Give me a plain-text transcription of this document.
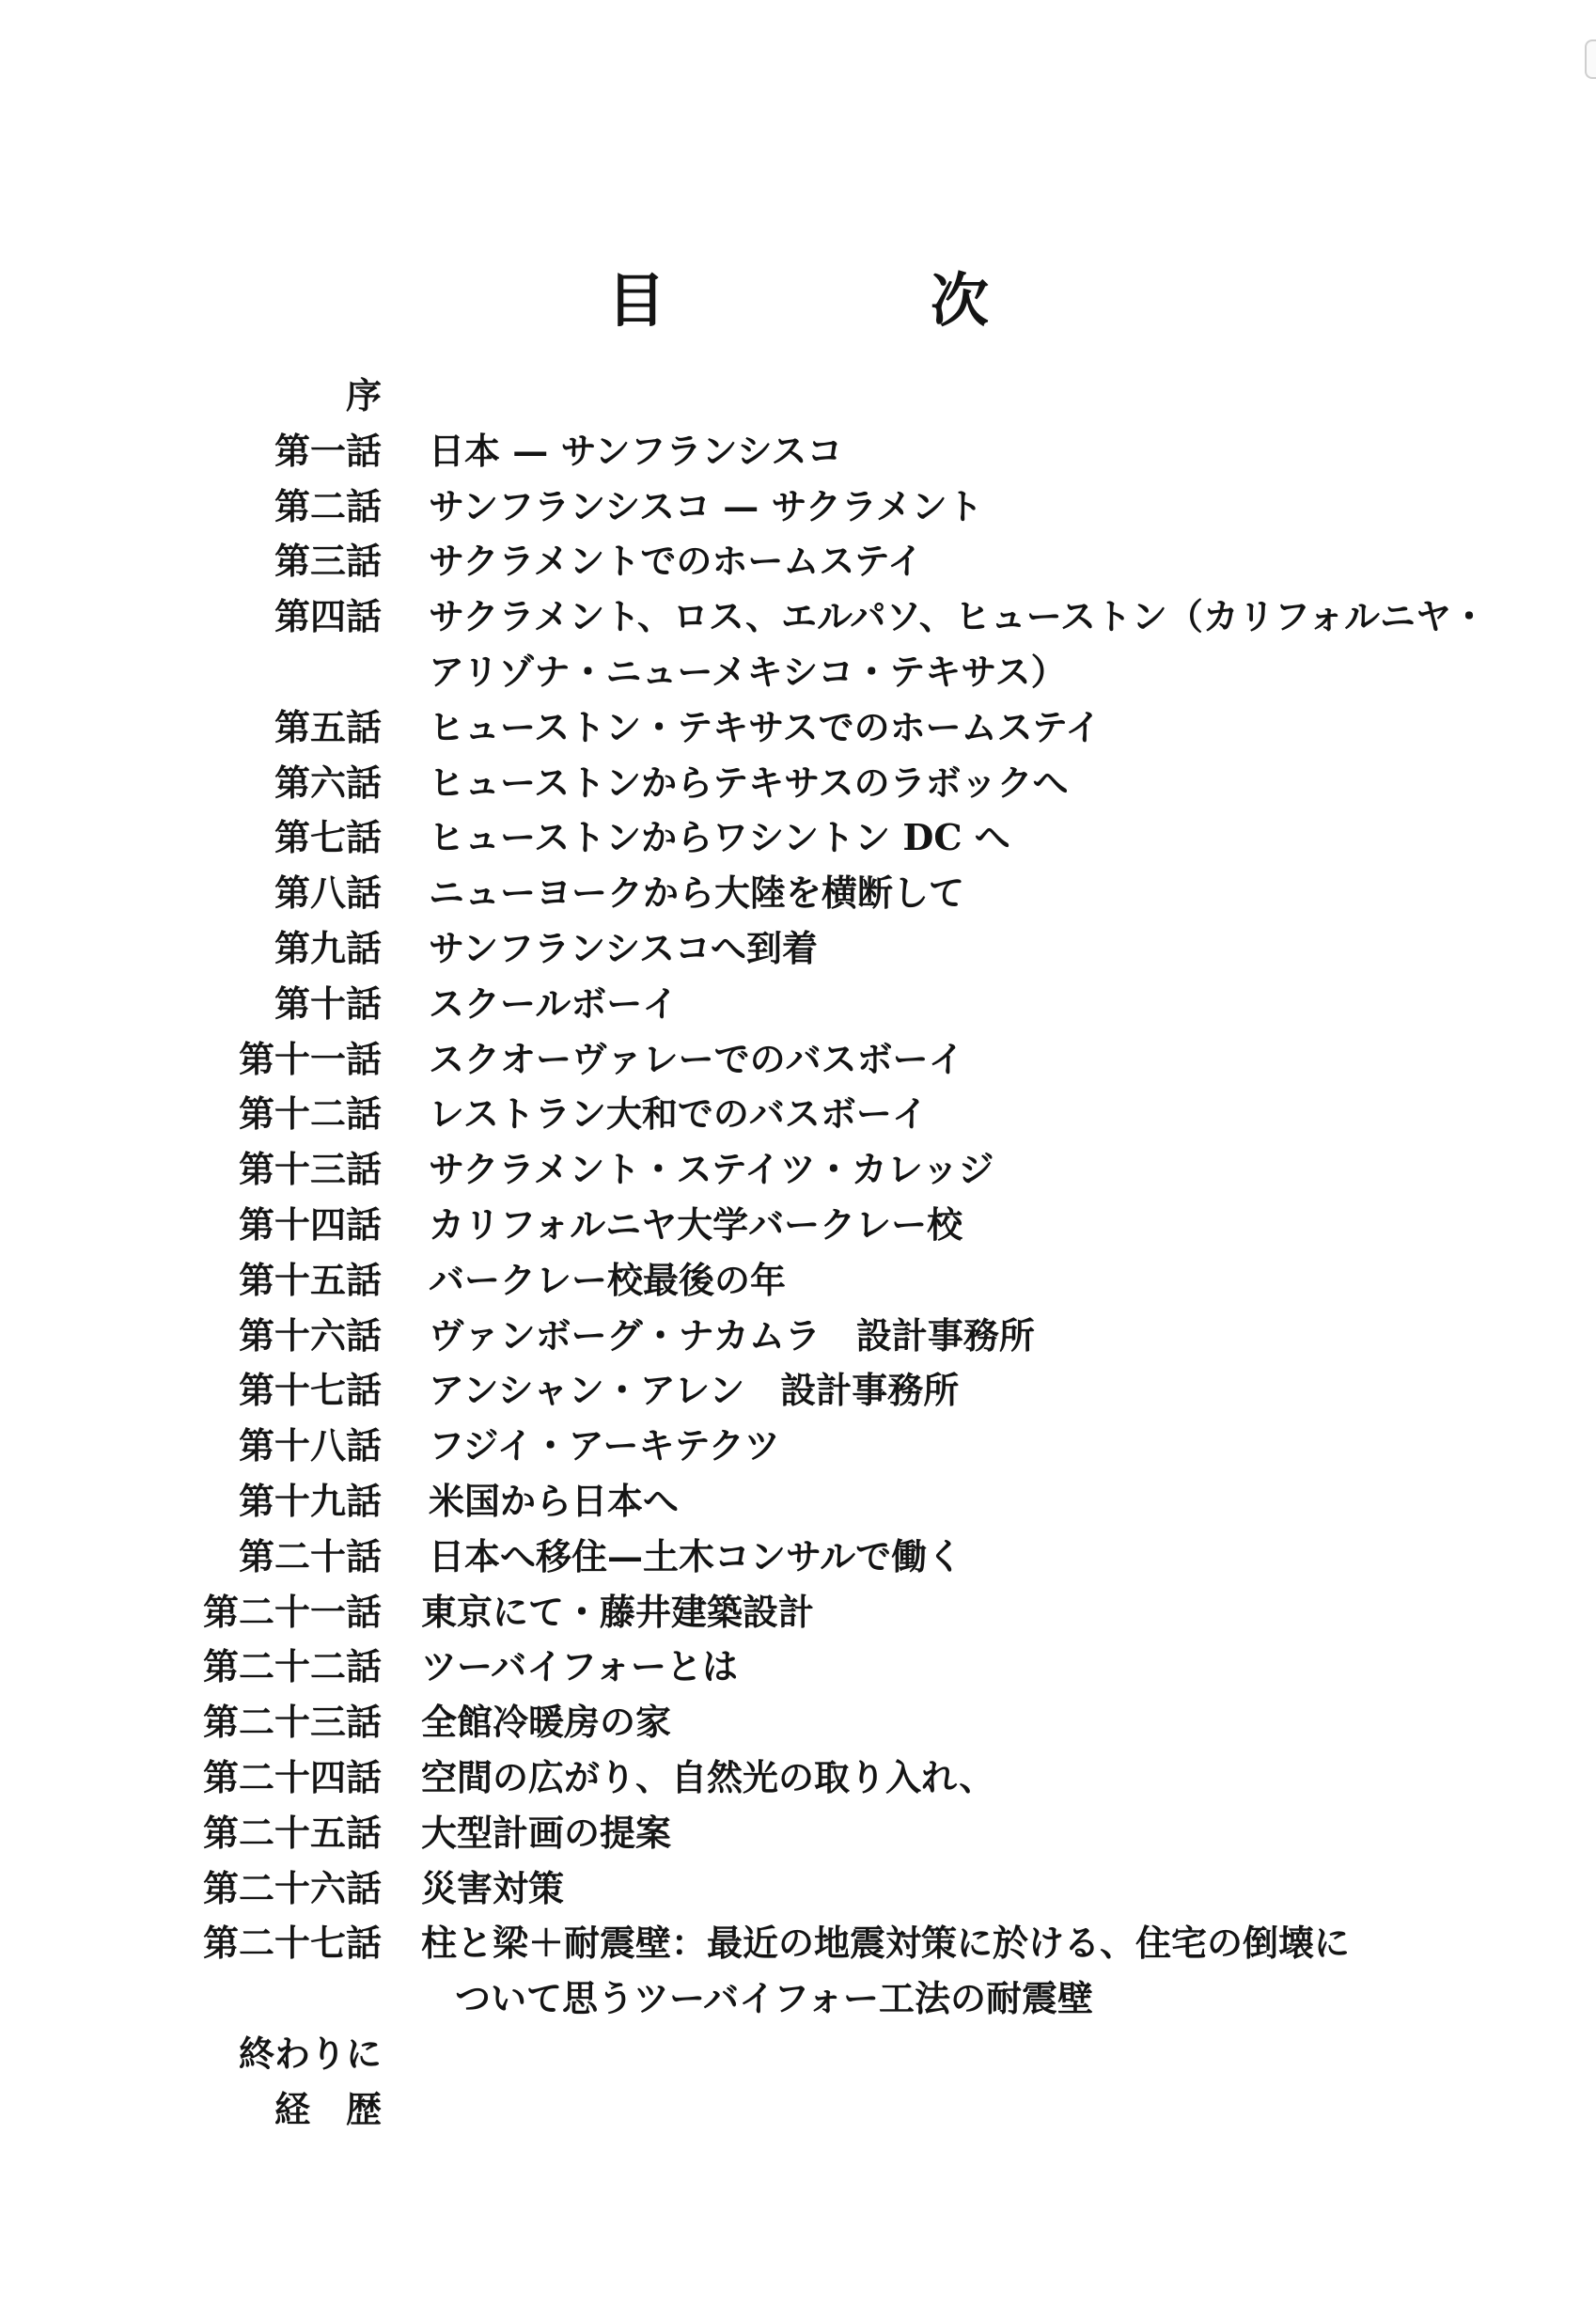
目　次
序
第一話 日本 — サンフランシスコ
第二話 サンフランシスコ — サクラメント
第三話 サクラメントでのホームステイ
第四話 サクラメント、ロス、エルパソ、ヒューストン（カリフォルニヤ・
アリゾナ・ニューメキシコ・テキサス）
第五話 ヒューストン・テキサスでのホームステイ
第六話 ヒューストンからテキサスのラボックへ
第七話 ヒューストンからワシントン DC へ
第八話 ニューヨークから大陸を横断して
第九話 サンフランシスコへ到着
第十話 スクールボーイ
第十一話 スクオーヴァレーでのバスボーイ
第十二話 レストラン大和でのバスボーイ
第十三話 サクラメント・ステイツ・カレッジ
第十四話 カリフォルニヤ大学バークレー校
第十五話 バークレー校最後の年
第十六話 ヴァンボーグ・ナカムラ　設計事務所
第十七話 アンシャン・アレン　設計事務所
第十八話 フジイ・アーキテクツ
第十九話 米国から日本へ
第二十話 日本へ移住—土木コンサルで働く
第二十一話 東京にて・藤井建築設計
第二十二話 ツーバイフォーとは
第二十三話 全館冷暖房の家
第二十四話 空間の広がり、自然光の取り入れ、
第二十五話 大型計画の提案
第二十六話 災害対策
第二十七話 柱と梁＋耐震壁：最近の地震対策に於ける、住宅の倒壊に
ついて思うツーバイフォー工法の耐震壁
終わりに
経　歴
